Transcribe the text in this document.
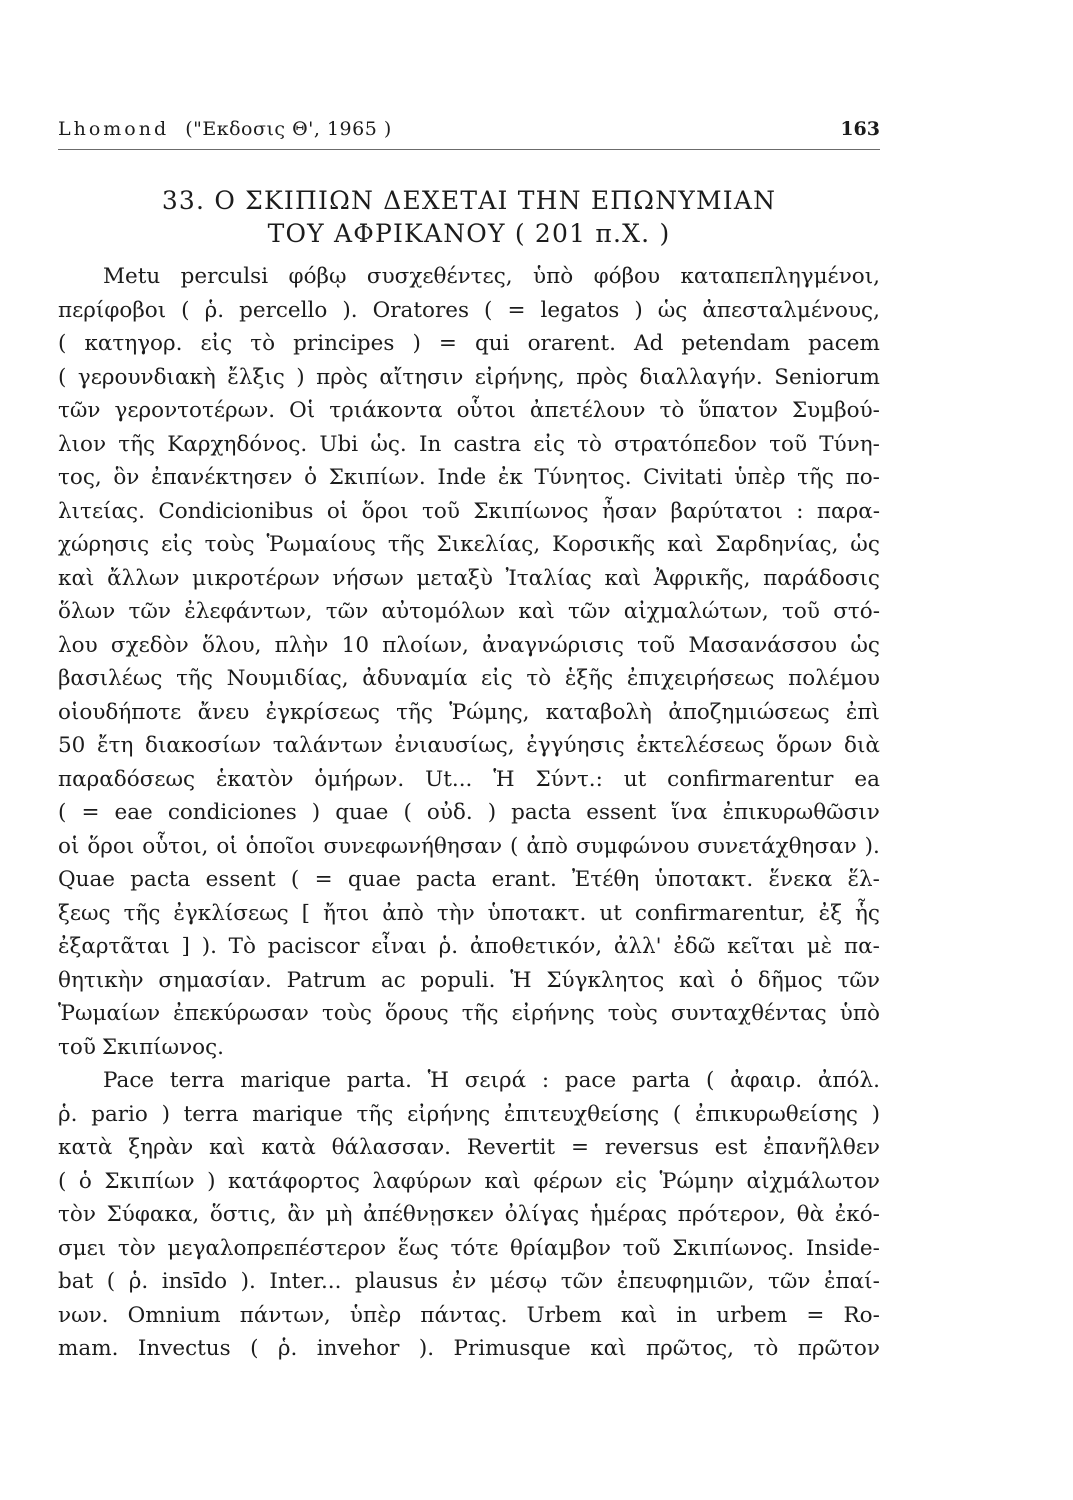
Lhomond ("Εκδοσις Θ', 1965 )	163
33. Ο ΣΚΙΠΙΩΝ ΔΕΧΕΤΑΙ ΤΗΝ ΕΠΩΝΥΜΙΑΝ
ΤΟΥ ΑΦΡΙΚΑΝΟΥ ( 201 π.Χ. )
Metu perculsi φόβῳ συσχεθέντες, ὑπὸ φόβου καταπεπληγμένοι,
περίφοβοι ( ῥ. percello ). Oratores ( = legatos ) ὡς ἀπεσταλμένους,
( κατηγορ. εἰς τὸ principes ) = qui orarent. Ad petendam pacem
( γερουνδιακὴ ἔλξις ) πρὸς αἴτησιν εἰρήνης, πρὸς διαλλαγήν. Seniorum
τῶν γεροντοτέρων. Οἱ τριάκοντα οὗτοι ἀπετέλουν τὸ ὕπατον Συμβού-
λιον τῆς Καρχηδόνος. Ubi ὡς. In castra εἰς τὸ στρατόπεδον τοῦ Τύνη-
τος, ὃν ἐπανέκτησεν ὁ Σκιπίων. Inde ἐκ Τύνητος. Civitati ὑπὲρ τῆς πο-
λιτείας. Condicionibus οἱ ὅροι τοῦ Σκιπίωνος ἦσαν βαρύτατοι : παρα-
χώρησις εἰς τοὺς Ῥωμαίους τῆς Σικελίας, Κορσικῆς καὶ Σαρδηνίας, ὡς
καὶ ἄλλων μικροτέρων νήσων μεταξὺ Ἰταλίας καὶ Ἀφρικῆς, παράδοσις
ὅλων τῶν ἐλεφάντων, τῶν αὐτομόλων καὶ τῶν αἰχμαλώτων, τοῦ στό-
λου σχεδὸν ὅλου, πλὴν 10 πλοίων, ἀναγνώρισις τοῦ Μασανάσσου ὡς
βασιλέως τῆς Νουμιδίας, ἀδυναμία εἰς τὸ ἑξῆς ἐπιχειρήσεως πολέμου
οἱουδήποτε ἄνευ ἐγκρίσεως τῆς Ῥώμης, καταβολὴ ἀποζημιώσεως ἐπὶ
50 ἔτη διακοσίων ταλάντων ἐνιαυσίως, ἐγγύησις ἐκτελέσεως ὅρων διὰ
παραδόσεως ἑκατὸν ὁμήρων. Ut... Ἡ Σύντ.: ut confirmarentur ea
( = eae condiciones ) quae ( οὐδ. ) pacta essent ἵνα ἐπικυρωθῶσιν
οἱ ὅροι οὗτοι, οἱ ὁποῖοι συνεφωνήθησαν ( ἀπὸ συμφώνου συνετάχθησαν ).
Quae pacta essent ( = quae pacta erant. Ἐτέθη ὑποτακτ. ἕνεκα ἕλ-
ξεως τῆς ἐγκλίσεως [ ἤτοι ἀπὸ τὴν ὑποτακτ. ut confirmarentur, ἐξ ἧς
ἐξαρτᾶται ] ). Τὸ paciscor εἶναι ῥ. ἀποθετικόν, ἀλλ' ἐδῶ κεῖται μὲ πα-
θητικὴν σημασίαν. Patrum ac populi. Ἡ Σύγκλητος καὶ ὁ δῆμος τῶν
Ῥωμαίων ἐπεκύρωσαν τοὺς ὅρους τῆς εἰρήνης τοὺς συνταχθέντας ὑπὸ
τοῦ Σκιπίωνος.
Pace terra marique parta. Ἡ σειρά : pace parta ( ἀφαιρ. ἀπόλ.
ῥ. pario ) terra marique τῆς εἰρήνης ἐπιτευχθείσης ( ἐπικυρωθείσης )
κατὰ ξηρὰν καὶ κατὰ θάλασσαν. Revertit = reversus est ἐπανῆλθεν
( ὁ Σκιπίων ) κατάφορτος λαφύρων καὶ φέρων εἰς Ῥώμην αἰχμάλωτον
τὸν Σύφακα, ὅστις, ἂν μὴ ἀπέθνῃσκεν ὀλίγας ἡμέρας πρότερον, θὰ ἐκό-
σμει τὸν μεγαλοπρεπέστερον ἕως τότε θρίαμβον τοῦ Σκιπίωνος. Inside-
bat ( ῥ. insīdo ). Inter... plausus ἐν μέσῳ τῶν ἐπευφημιῶν, τῶν ἐπαί-
νων. Omnium πάντων, ὑπὲρ πάντας. Urbem καὶ in urbem = Ro-
mam. Invectus ( ῥ. invehor ). Primusque καὶ πρῶτος, τὸ πρῶτον
